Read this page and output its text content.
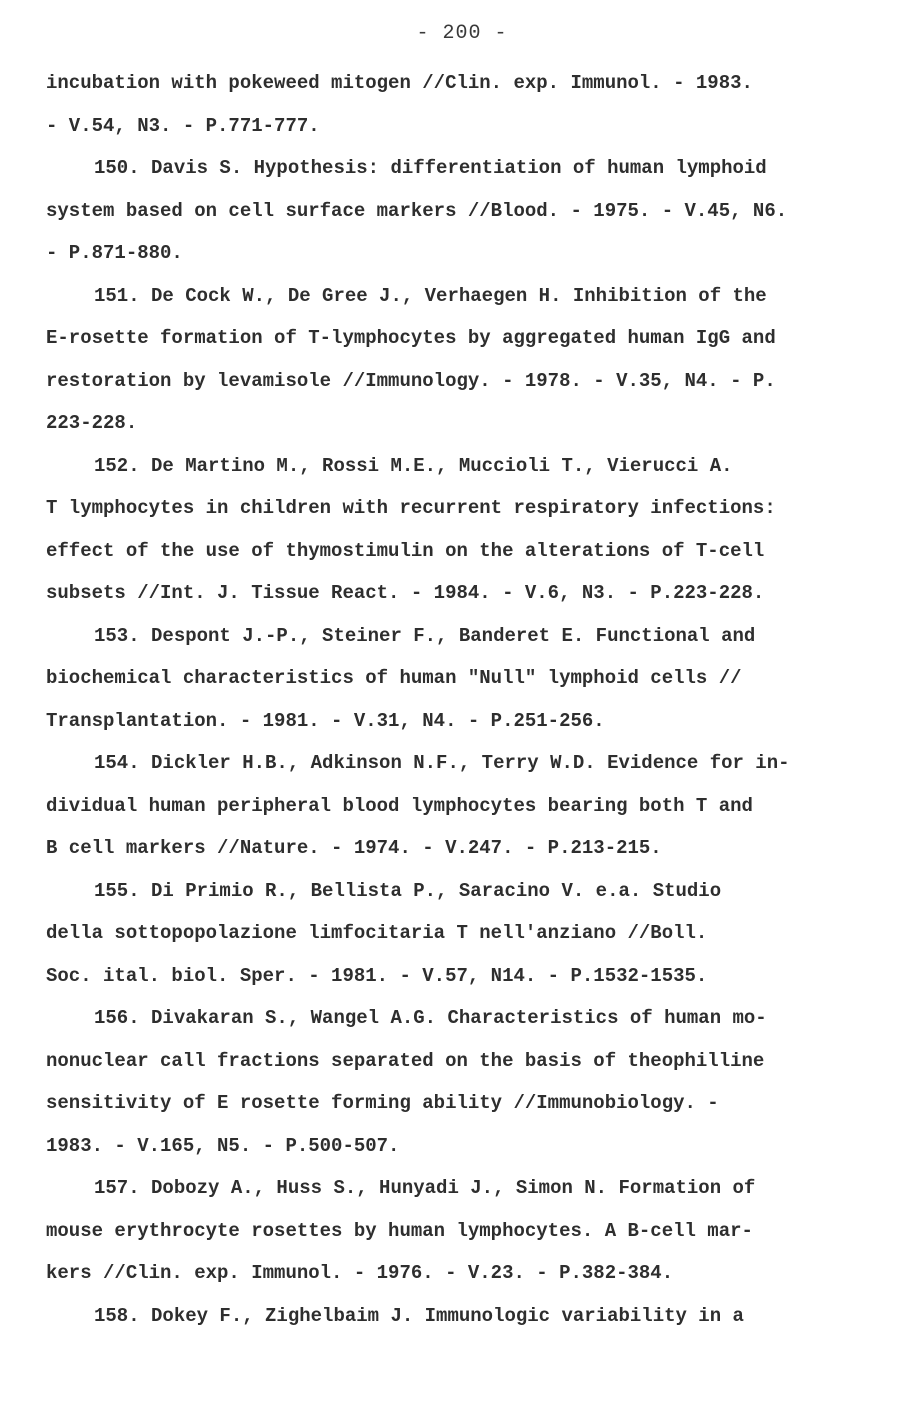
- 200 -
incubation with pokeweed mitogen //Clin. exp. Immunol. - 1983.
- V.54, N3. - P.771-777.
150. Davis S. Hypothesis: differentiation of human lymphoid
system based on cell surface markers //Blood. - 1975. - V.45, N6.
- P.871-880.
151. De Cock W., De Gree J., Verhaegen H. Inhibition of the
E-rosette formation of T-lymphocytes by aggregated human IgG and
restoration by levamisole //Immunology. - 1978. - V.35, N4. - P.
223-228.
152. De Martino M., Rossi M.E., Muccioli T., Vierucci A.
T lymphocytes in children with recurrent respiratory infections:
effect of the use of thymostimulin on the alterations of T-cell
subsets //Int. J. Tissue React. - 1984. - V.6, N3. - P.223-228.
153. Despont J.-P., Steiner F., Banderet E. Functional and
biochemical characteristics of human "Null" lymphoid cells //
Transplantation. - 1981. - V.31, N4. - P.251-256.
154. Dickler H.B., Adkinson N.F., Terry W.D. Evidence for in-
dividual human peripheral blood lymphocytes bearing both T and
B cell markers //Nature. - 1974. - V.247. - P.213-215.
155. Di Primio R., Bellista P., Saracino V. e.a. Studio
della sottopopolazione limfocitaria T nell'anziano //Boll.
Soc. ital. biol. Sper. - 1981. - V.57, N14. - P.1532-1535.
156. Divakaran S., Wangel A.G. Characteristics of human mo-
nonuclear call fractions separated on the basis of theophilline
sensitivity of E rosette forming ability //Immunobiology. -
1983. - V.165, N5. - P.500-507.
157. Dobozy A., Huss S., Hunyadi J., Simon N. Formation of
mouse erythrocyte rosettes by human lymphocytes. A B-cell mar-
kers //Clin. exp. Immunol. - 1976. - V.23. - P.382-384.
158. Dokey F., Zighelbaim J. Immunologic variability in a
